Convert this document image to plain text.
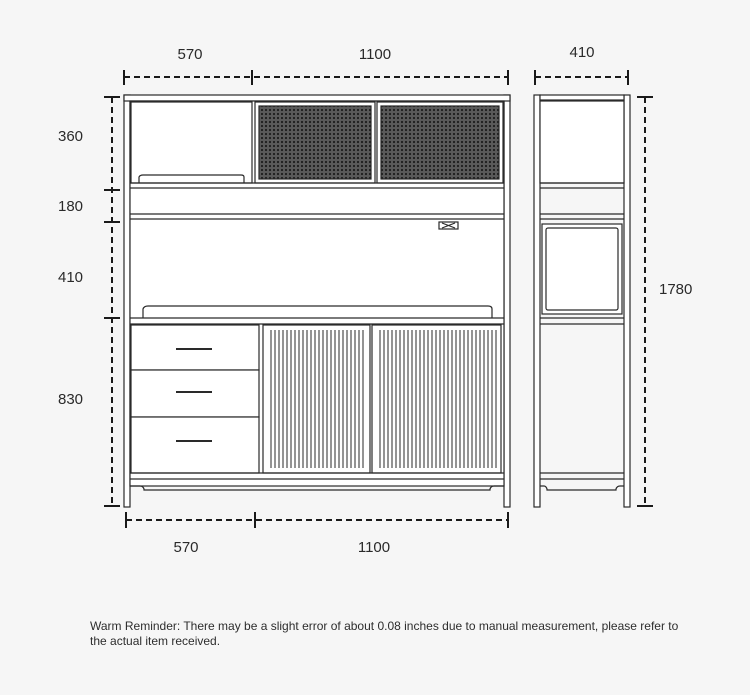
570	1100	410
360
180
410
830
1780
570	1100
Warm Reminder: There may be a slight error of about 0.08 inches due to manual measurement, please refer to the actual item received.
